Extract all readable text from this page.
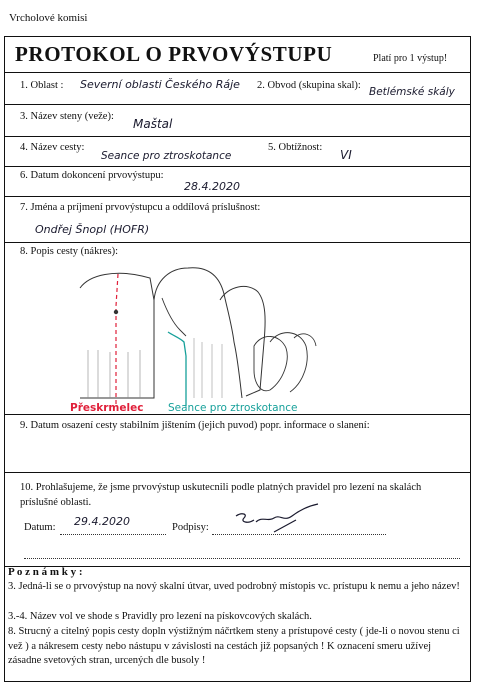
Vrcholové komisi
PROTOKOL O PRVOVÝSTUPU	Platí pro 1 výstup!
1. Oblast : Severní oblasti Českého Ráje 2. Obvod (skupina skal):
Betlémské skály
3. Název steny (veže):
Maštal
4. Název cesty:
Seance pro ztroskotance
5. Obtížnost:
VI
6. Datum dokoncení prvovýstupu:
28.4.2020
7. Jména a príjmení prvovýstupcu a oddílová príslušnost:
Ondřej Šnopl (HOFR)
8. Popis cesty (nákres):
Přeskrmelec Seance pro ztroskotance
9. Datum osazení cesty stabilním jištením (jejich puvod) popr. informace o slanení:
10. Prohlašujeme, že jsme prvovýstup uskutecnili podle platných pravidel pro lezení na skalách príslušné oblasti.
Datum: 29.4.2020	Podpisy:
P o z n á m k y :
3. Jedná-li se o prvovýstup na nový skalní útvar, uved podrobný místopis vc. prístupu k nemu a jeho název!
3.-4. Název vol ve shode s Pravidly pro lezení na pískovcových skalách.
8. Strucný a citelný popis cesty dopln výstižným náčrtkem steny a prístupové cesty ( jde-li o novou stenu ci vež ) a nákresem cesty nebo nástupu v závislosti na cestách již popsaných ! K oznacení smeru užívej zásadne svetových stran, urcených dle busoly !
